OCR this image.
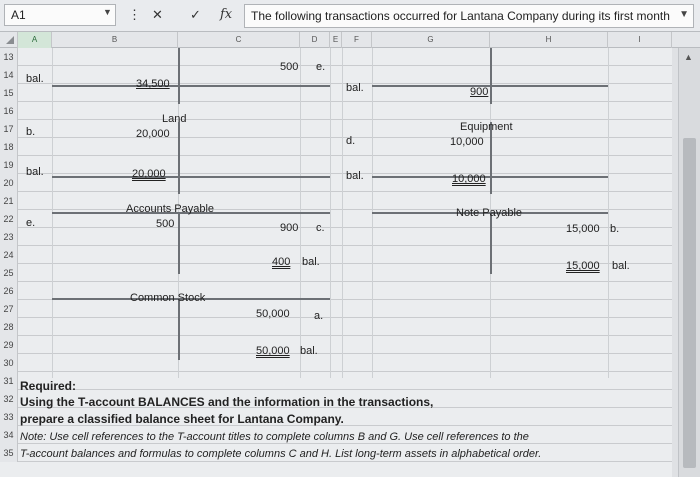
A1	▼ ⋮ ✕ ✓ fx	The following transactions occurred for Lantana Company during its first month ▼
A	B	C	D	E	F	G	H	I
13
14
15
16
17
18
19
20
21
22
23
24
25
26
27
28
29
30
31
32
33
34
35
500 e.
bal.	34,500	bal.	900
Land
Equipment
b.	20,000
d.	10,000
bal.	20,000	bal.	10,000
Accounts Payable	Note Payable
e.	500	900 c.	15,000 b.
400 bal.	15,000 bal.
Common Stock
50,000 a.
50,000 bal.
Required:
Using the T-account BALANCES and the information in the transactions,
prepare a classified balance sheet for Lantana Company.
Note: Use cell references to the T-account titles to complete columns B and G. Use cell references to the
T-account balances and formulas to complete columns C and H. List long-term assets in alphabetical order.
▲
